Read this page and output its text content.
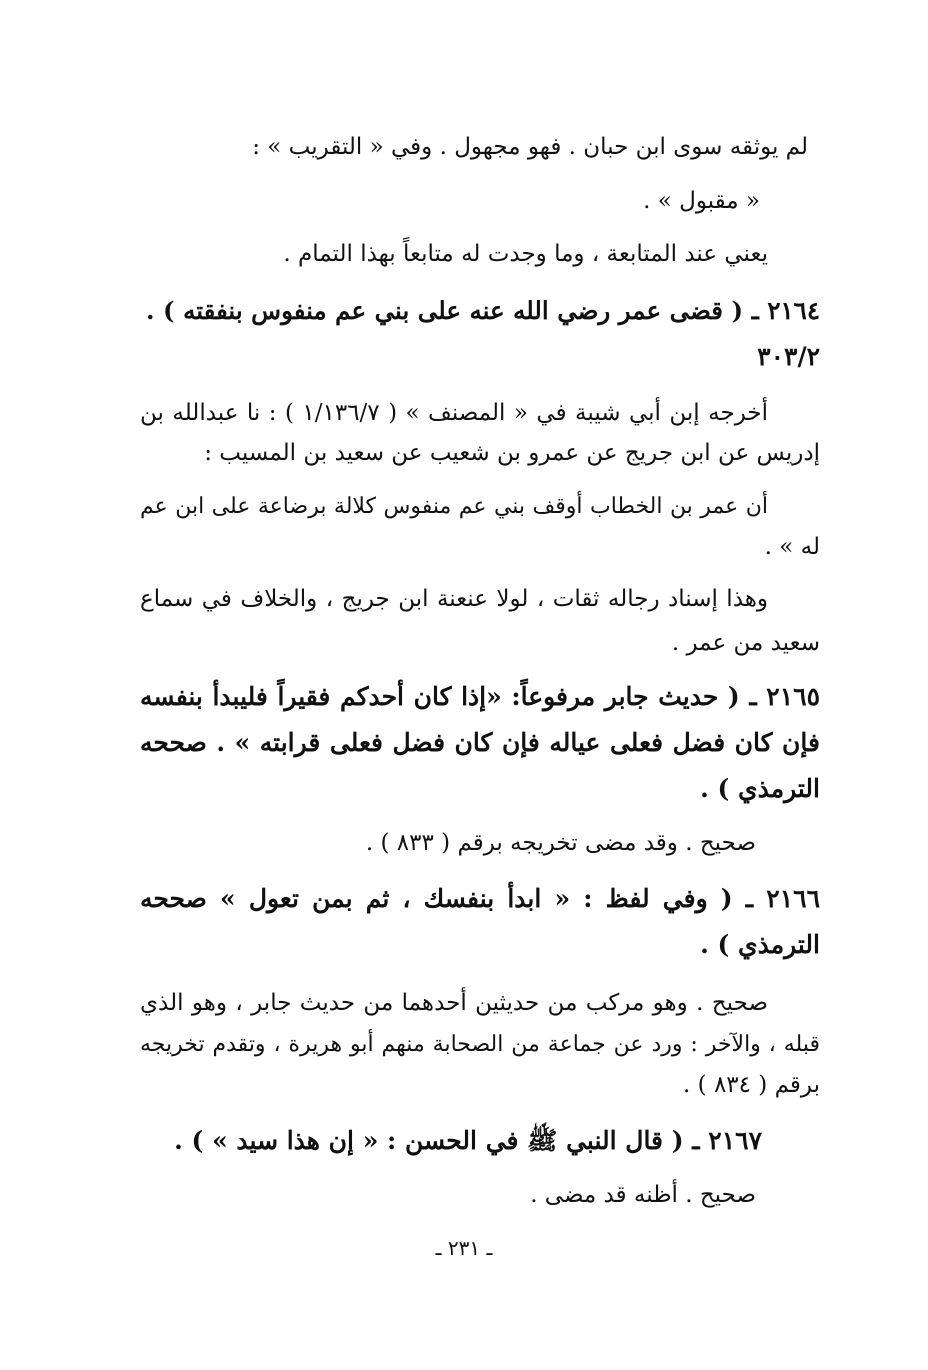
لم يوثقه سوى ابن حبان . فهو مجهول . وفي « التقريب » :
« مقبول » .
يعني عند المتابعة ، وما وجدت له متابعاً بهذا التمام .
٢١٦٤ ـ ( قضى عمر رضي الله عنه على بني عم منفوس بنفقته ) .
٣٠٣/٢
أخرجه إبن أبي شيبة في « المصنف » ( ١/١٣٦/٧ ) : نا عبدالله بن
إدريس عن ابن جريج عن عمرو بن شعيب عن سعيد بن المسيب :
أن عمر بن الخطاب أوقف بني عم منفوس كلالة برضاعة على ابن عم
له » .
وهذا إسناد رجاله ثقات ، لولا عنعنة ابن جريج ، والخلاف في سماع
سعيد من عمر .
٢١٦٥ ـ ( حديث جابر مرفوعاً: «إذا كان أحدكم فقيراً فليبدأ بنفسه
فإن كان فضل فعلى عياله فإن كان فضل فعلى قرابته » . صححه
الترمذي ) .
صحيح . وقد مضى تخريجه برقم ( ٨٣٣ ) .
٢١٦٦ ـ ( وفي لفظ : « ابدأ بنفسك ، ثم بمن تعول » صححه
الترمذي ) .
صحيح . وهو مركب من حديثين أحدهما من حديث جابر ، وهو الذي
قبله ، والآخر : ورد عن جماعة من الصحابة منهم أبو هريرة ، وتقدم تخريجه
برقم ( ٨٣٤ ) .
٢١٦٧ ـ ( قال النبي ﷺ في الحسن : « إن هذا سيد » ) .
صحيح . أظنه قد مضى .
ـ ٢٣١ ـ
